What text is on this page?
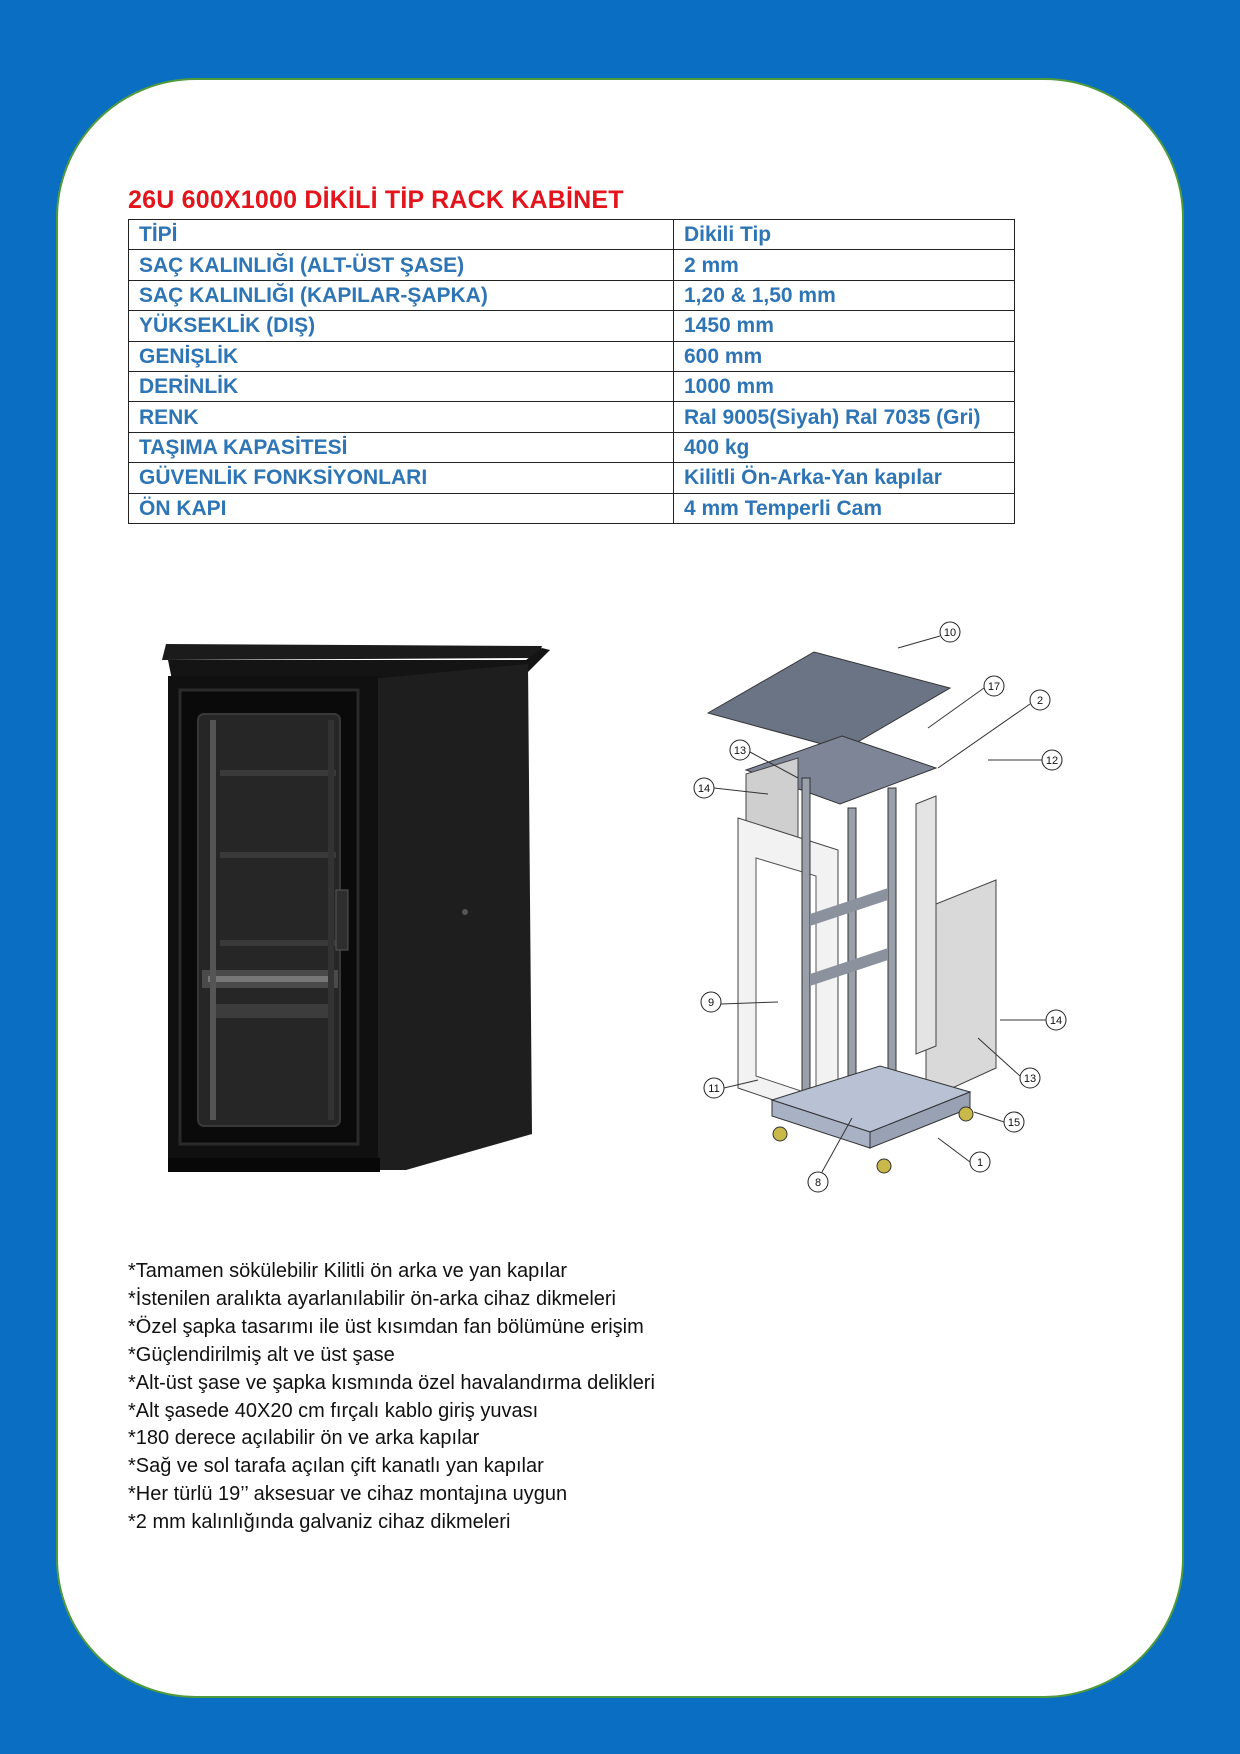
26U 600X1000 DİKİLİ TİP RACK KABİNET
TİPİ	Dikili Tip
SAÇ KALINLIĞI (ALT-ÜST ŞASE)	2 mm
SAÇ KALINLIĞI (KAPILAR-ŞAPKA)	1,20 & 1,50 mm
YÜKSEKLİK (DIŞ)	1450 mm
GENİŞLİK	600 mm
DERİNLİK	1000 mm
RENK	Ral 9005(Siyah) Ral 7035 (Gri)
TAŞIMA KAPASİTESİ	400 kg
GÜVENLİK FONKSİYONLARI	Kilitli Ön-Arka-Yan kapılar
ÖN KAPI	4 mm Temperli Cam
10
17
2
12
13
14
9
11
8
1
15
14
13
*Tamamen sökülebilir Kilitli ön arka ve yan kapılar
*İstenilen aralıkta ayarlanılabilir ön-arka cihaz dikmeleri
*Özel şapka tasarımı ile üst kısımdan fan bölümüne erişim
*Güçlendirilmiş alt ve üst şase
*Alt-üst şase ve şapka kısmında özel havalandırma delikleri
*Alt şasede 40X20 cm fırçalı kablo giriş yuvası
*180 derece açılabilir ön ve arka kapılar
*Sağ ve sol tarafa açılan çift kanatlı yan kapılar
*Her türlü 19’’ aksesuar ve cihaz montajına uygun
*2 mm kalınlığında galvaniz cihaz dikmeleri
